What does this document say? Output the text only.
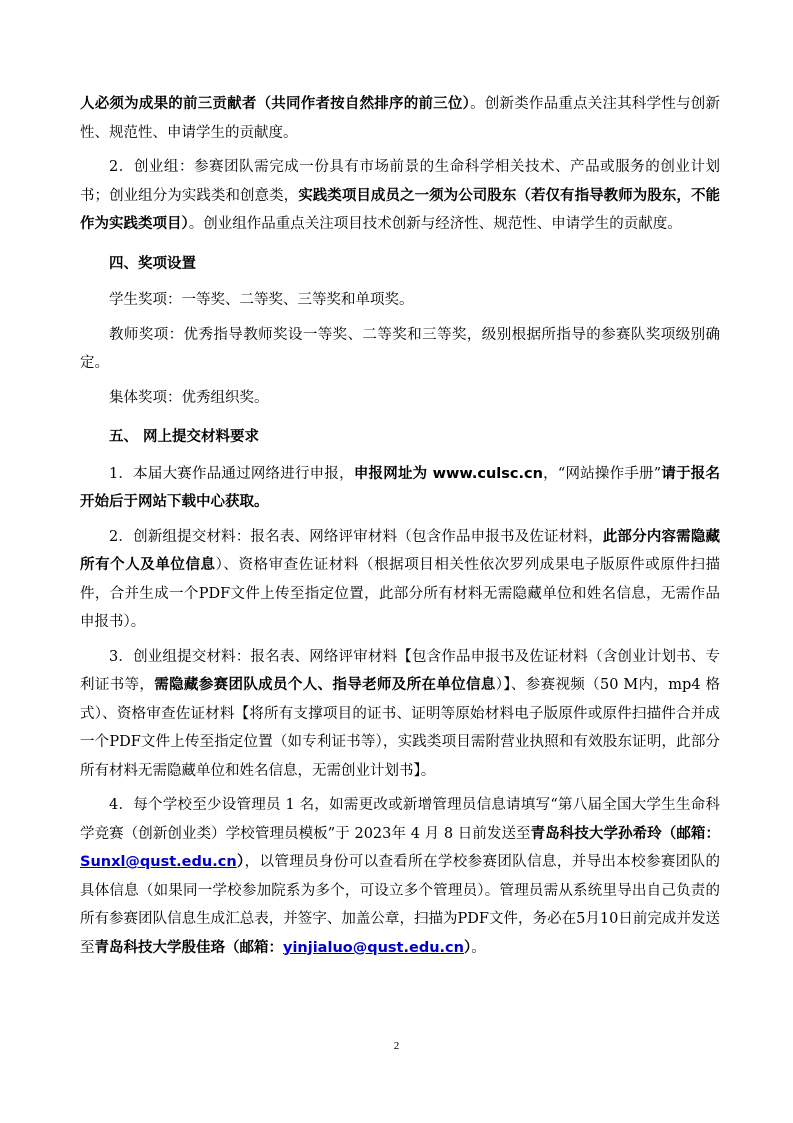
人必须为成果的前三贡献者（共同作者按自然排序的前三位）。创新类作品重点关注其科学性与创新性、规范性、申请学生的贡献度。

2．创业组：参赛团队需完成一份具有市场前景的生命科学相关技术、产品或服务的创业计划书；创业组分为实践类和创意类，实践类项目成员之一须为公司股东（若仅有指导教师为股东，不能作为实践类项目）。创业组作品重点关注项目技术创新与经济性、规范性、申请学生的贡献度。

四、奖项设置

学生奖项：一等奖、二等奖、三等奖和单项奖。

教师奖项：优秀指导教师奖设一等奖、二等奖和三等奖，级别根据所指导的参赛队奖项级别确定。

集体奖项：优秀组织奖。

五、 网上提交材料要求

1．本届大赛作品通过网络进行申报，申报网址为 www.culsc.cn，“网站操作手册”请于报名开始后于网站下载中心获取。

2．创新组提交材料：报名表、网络评审材料（包含作品申报书及佐证材料，此部分内容需隐藏所有个人及单位信息）、资格审查佐证材料（根据项目相关性依次罗列成果电子版原件或原件扫描件，合并生成一个PDF文件上传至指定位置，此部分所有材料无需隐藏单位和姓名信息，无需作品申报书）。

3．创业组提交材料：报名表、网络评审材料【包含作品申报书及佐证材料（含创业计划书、专利证书等，需隐藏参赛团队成员个人、指导老师及所在单位信息）】、参赛视频（50 M内，mp4 格式）、资格审查佐证材料【将所有支撑项目的证书、证明等原始材料电子版原件或原件扫描件合并成一个PDF文件上传至指定位置（如专利证书等），实践类项目需附营业执照和有效股东证明，此部分所有材料无需隐藏单位和姓名信息，无需创业计划书】。

4．每个学校至少设管理员 1 名，如需更改或新增管理员信息请填写“第八届全国大学生生命科学竞赛（创新创业类）学校管理员模板”于 2023年 4 月 8 日前发送至青岛科技大学孙希玲（邮箱：Sunxl@qust.edu.cn），以管理员身份可以查看所在学校参赛团队信息，并导出本校参赛团队的具体信息（如果同一学校参加院系为多个，可设立多个管理员）。管理员需从系统里导出自己负责的所有参赛团队信息生成汇总表，并签字、加盖公章，扫描为PDF文件，务必在5月10日前完成并发送至青岛科技大学殷佳珞（邮箱：yinjialuo@qust.edu.cn）。

2
